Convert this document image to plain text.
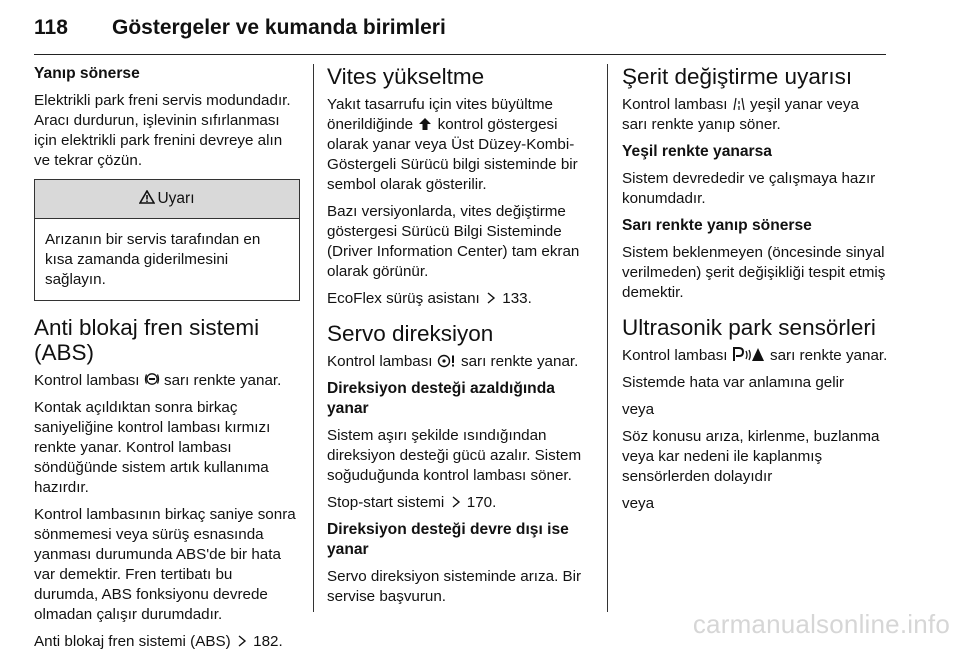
118 Göstergeler ve kumanda birimleri
Yanıp sönerse

Elektrikli park freni servis modundadır. Aracı durdurun, işlevinin sıfırlanması için elektrikli park frenini devreye alın ve tekrar çözün.

Uyarı

Arızanın bir servis tarafından en kısa zamanda giderilmesini sağlayın.

Anti blokaj fren sistemi (ABS)

Kontrol lambası sarı renkte yanar.

Kontak açıldıktan sonra birkaç saniyeliğine kontrol lambası kırmızı renkte yanar. Kontrol lambası söndüğünde sistem artık kullanıma hazırdır.

Kontrol lambasının birkaç saniye sonra sönmemesi veya sürüş esnasında yanması durumunda ABS'de bir hata var demektir. Fren tertibatı bu durumda, ABS fonksiyonu devrede olmadan çalışır durumdadır.

Anti blokaj fren sistemi (ABS) 182.

Vites yükseltme

Yakıt tasarrufu için vites büyültme önerildiğinde kontrol göstergesi olarak yanar veya Üst Düzey-Kombi-Göstergeli Sürücü bilgi sisteminde bir sembol olarak gösterilir.

Bazı versiyonlarda, vites değiştirme göstergesi Sürücü Bilgi Sisteminde (Driver Information Center) tam ekran olarak görünür.

EcoFlex sürüş asistanı 133.

Servo direksiyon

Kontrol lambası sarı renkte yanar.

Direksiyon desteği azaldığında yanar

Sistem aşırı şekilde ısındığından direksiyon desteği gücü azalır. Sistem soğuduğunda kontrol lambası söner.

Stop-start sistemi 170.

Direksiyon desteği devre dışı ise yanar

Servo direksiyon sisteminde arıza. Bir servise başvurun.

Şerit değiştirme uyarısı

Kontrol lambası yeşil yanar veya sarı renkte yanıp söner.

Yeşil renkte yanarsa

Sistem devrededir ve çalışmaya hazır konumdadır.

Sarı renkte yanıp sönerse

Sistem beklenmeyen (öncesinde sinyal verilmeden) şerit değişikliği tespit etmiş demektir.

Ultrasonik park sensörleri

Kontrol lambası	sarı renkte yanar.

Sistemde hata var anlamına gelir

veya

Söz konusu arıza, kirlenme, buzlanma veya kar nedeni ile kaplanmış sensörlerden dolayıdır

veya

carmanualsonline.info
